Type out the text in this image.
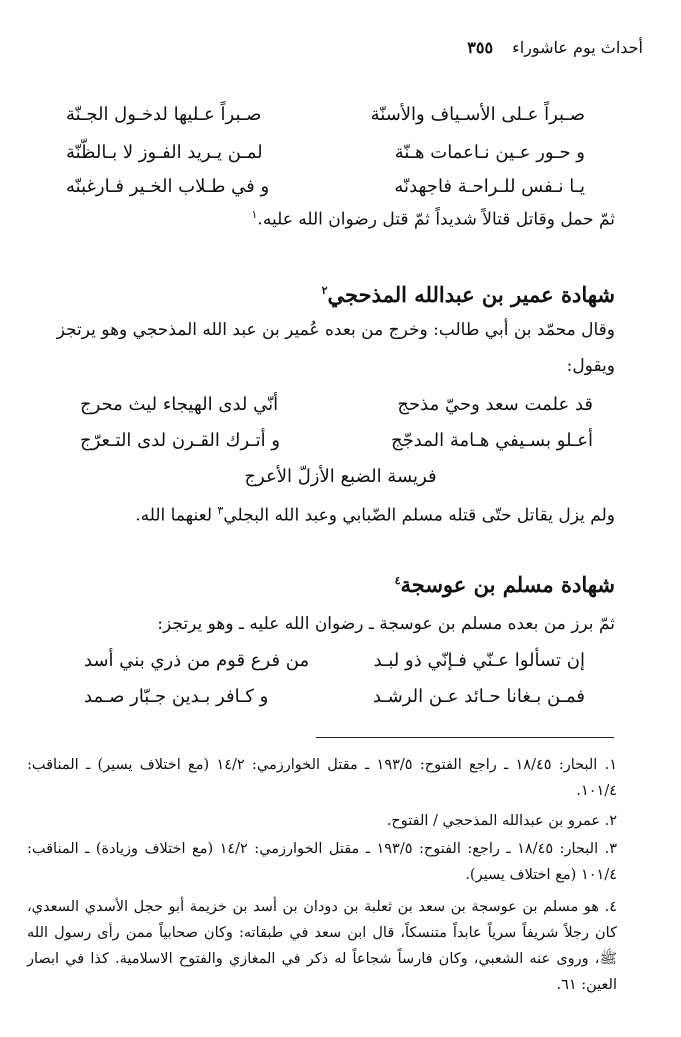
أحداث يوم عاشوراء ٣٥٥
صـبراً عـلى الأسـياف والأسنّة
صـبراً عـليها لدخـول الجـنّة
و حـور عـين نـاعمات هـنّة
لمـن يـريد الفـوز لا بـالظّنّة
يـا نـفس للـراحـة فاجهدنّه
و في طـلاب الخـير فـارغبنّه
ثمّ حمل وقاتل قتالاً شديداً ثمّ قتل رضوان الله عليه.$^١$
شهادة عمير بن عبدالله المذحجي$^٢$
وقال محمّد بن أبي طالب: وخرج من بعده عُمير بن عبد الله المذحجي وهو يرتجز
ويقول:
قد علمت سعد وحيّ مذحج
أنّي لدى الهيجاء ليث محرج
أعـلو بسـيفي هـامة المدجّج
و أتـرك القـرن لدى التـعرّج
فريسة الضبع الأزلّ الأعرج
ولم يزل يقاتل حتّى قتله مسلم الضّبابي وعبد الله البجلي$^٣$ لعنهما الله.
شهادة مسلم بن عوسجة$^٤$
ثمّ برز من بعده مسلم بن عوسجة ـ رضوان الله عليه ـ وهو يرتجز:
إن تسألوا عـنّي فـإنّي ذو لبـد
من فرع قوم من ذري بني أسد
فمـن بـغانا حـائد عـن الرشـد
و كـافر بـدين جـبّار صـمد
١. البحار: ١٨/٤٥ ـ راجع الفتوح: ١٩٣/٥ ـ مقتل الخوارزمي: ١٤/٢ (مع اختلاف يسير) ـ المناقب: ١٠١/٤.
٢. عمرو بن عبدالله المذحجي / الفتوح.
٣. البحار: ١٨/٤٥ ـ راجع: الفتوح: ١٩٣/٥ ـ مقتل الخوارزمي: ١٤/٢ (مع اختلاف وزيادة) ـ المناقب: ١٠١/٤ (مع اختلاف يسير).
٤. هو مسلم بن عوسجة بن سعد بن ثعلبة بن دودان بن أسد بن خزيمة أبو حجل الأسدي السعدي، كان رجلاً شريفاً سرياً عابداً متنسكاً، قال ابن سعد في طبقاته: وكان صحابياً ممن رأى رسول الله ﷺ، وروى عنه الشعبي، وكان فارساً شجاعاً له ذكر في المغازي والفتوح الاسلامية. كذا في ابصار العين: ٦١.
